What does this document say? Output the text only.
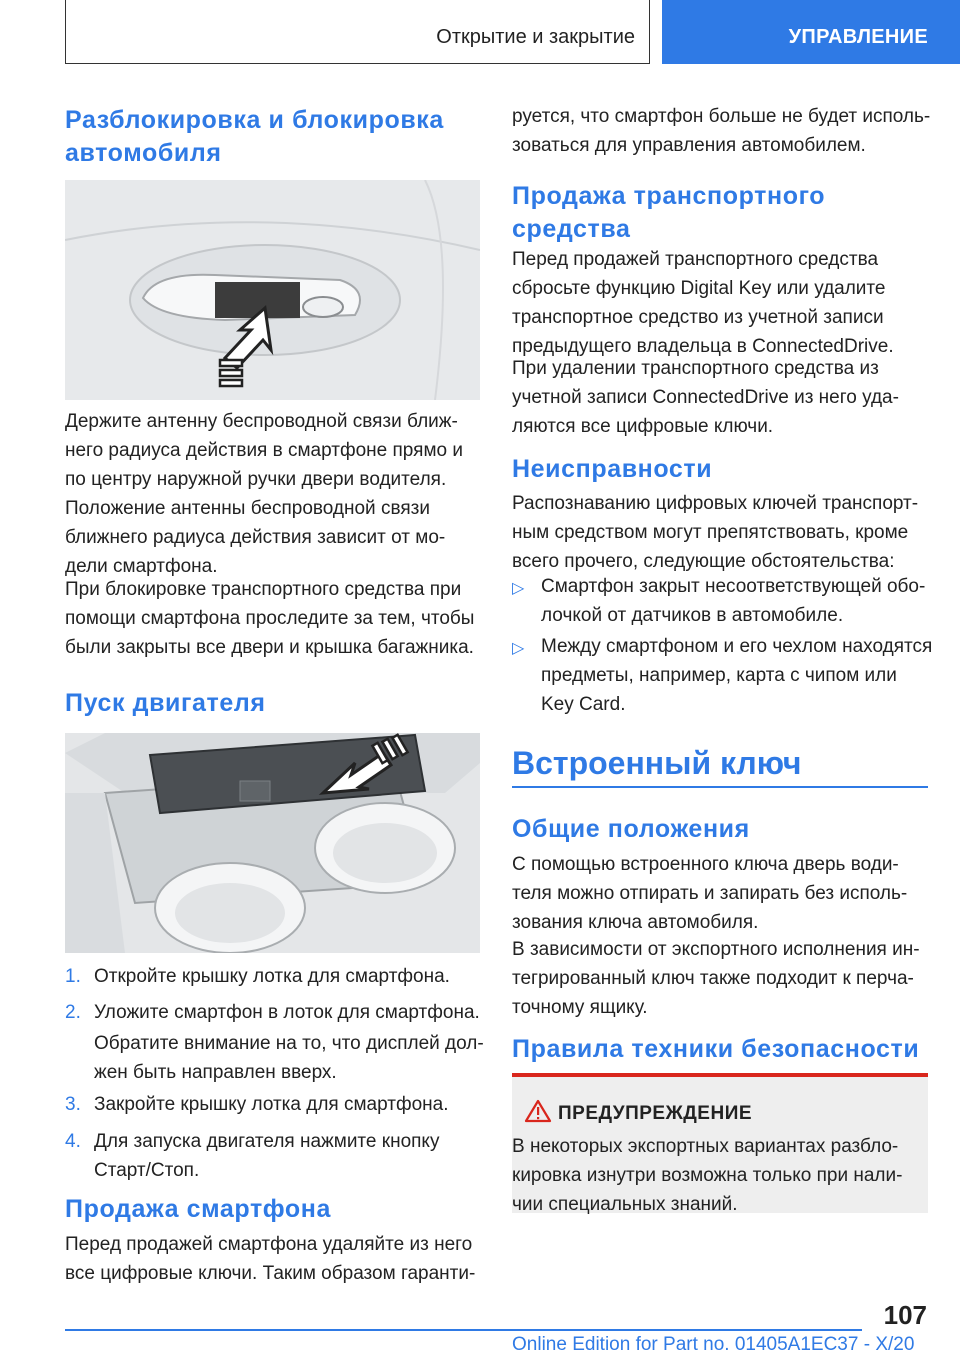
Открытие и закрытие	УПРАВЛЕНИЕ
Разблокировка и блокировка
автомобиля

Держите антенну беспроводной связи ближ-
него радиуса действия в смартфоне прямо и
по центру наружной ручки двери водителя.

Положение антенны беспроводной связи
ближнего радиуса действия зависит от мо-
дели смартфона.

При блокировке транспортного средства при
помощи смартфона проследите за тем, чтобы
были закрыты все двери и крышка багажника.

Пуск двигателя
1. Откройте крышку лотка для смартфона.
2. Уложите смартфон в лоток для смартфона.
Обратите внимание на то, что дисплей дол-
жен быть направлен вверх.
3. Закройте крышку лотка для смартфона.
4. Для запуска двигателя нажмите кнопку
Старт/Стоп.
Продажа смартфона

Перед продажей смартфона удаляйте из него
все цифровые ключи. Таким образом гаранти-

руется, что смартфон больше не будет исполь-
зоваться для управления автомобилем.

Продажа транспортного
средства

Перед продажей транспортного средства
сбросьте функцию Digital Key или удалите
транспортное средство из учетной записи
предыдущего владельца в ConnectedDrive.

При удалении транспортного средства из
учетной записи ConnectedDrive из него уда-
ляются все цифровые ключи.

Неисправности

Распознаванию цифровых ключей транспорт-
ным средством могут препятствовать, кроме
всего прочего, следующие обстоятельства:

▷ Смартфон закрыт несоответствующей обо-
лочкой от датчиков в автомобиле.

▷ Между смартфоном и его чехлом находятся
предметы, например, карта с чипом или
Key Card.

Встроенный ключ
Общие положения

С помощью встроенного ключа дверь води-
теля можно отпирать и запирать без исполь-
зования ключа автомобиля.

В зависимости от экспортного исполнения ин-
тегрированный ключ также подходит к перча-
точному ящику.

Правила техники безопасности
ПРЕДУПРЕЖДЕНИЕ

В некоторых экспортных вариантах разбло-
кировка изнутри возможна только при нали-
чии специальных знаний.

107
Online Edition for Part no. 01405A1EC37 - X/20
